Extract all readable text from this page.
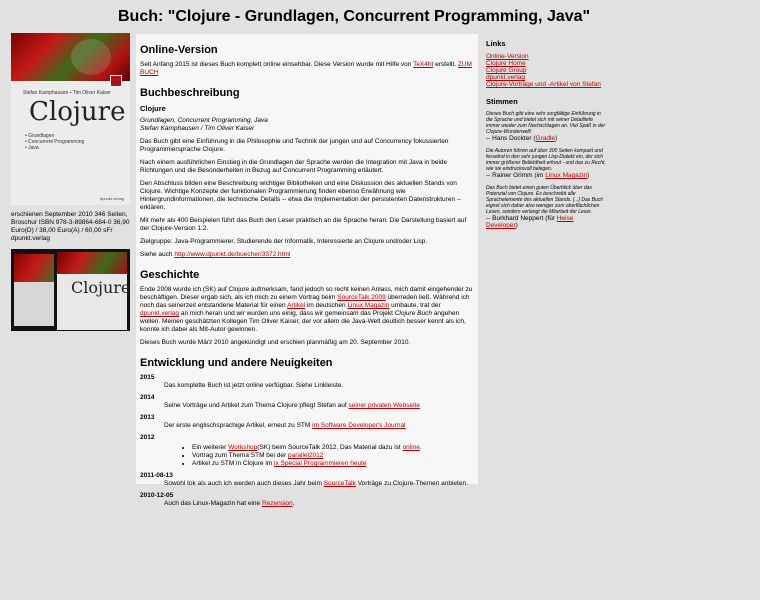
Buch: "Clojure - Grundlagen, Concurrent Programming, Java"
Stefan Kamphausen • Tim Oliver Kaiser
Clojure
• Grundlagen
• Concurrent Programming
• Java
dpunkt.verlag
erschienen September 2010 346 Seiten, Broschur ISBN 978-3-89864-684-0 36,90 Euro(D) / 38,00 Euro(A) / 60,00 sFr dpunkt.verlag
Clojure
Online-Version

Seit Anfang 2015 ist dieses Buch komplett online einsehbar. Diese Version wurde mit Hilfe von TeX4ht erstellt. ZUM BUCH

Buchbeschreibung
Clojure

Grundlagen, Concurrent Programming, Java
Stefan Kamphausen / Tim Oliver Kaiser

Das Buch gibt eine Einführung in die Philosophie und Technik der jungen und auf Concurrency fokussierten Programmiersprache Clojure.

Nach einem ausführlichen Einstieg in die Grundlagen der Sprache werden die Integration mit Java in beide Richtungen und die Besonderheiten in Bezug auf Concurrent Programming erläutert.

Den Abschluss bilden eine Beschreibung wichtiger Bibliotheken und eine Diskussion des aktuellen Stands von Clojure. Wichtige Konzepte der funktionalen Programmierung finden ebenso Erwähnung wie Hintergrundinformationen, die technische Details -- etwa die Implementation der persistenten Datenstrukturen -- erklären.

Mit mehr als 400 Beispielen führt das Buch den Leser praktisch an die Sprache heran. Die Darstellung basiert auf der Clojure-Version 1.2.

Zielgruppe: Java-Programmierer, Studierende der Informatik, Interessierte an Clojure und/oder Lisp.

Siehe auch http://www.dpunkt.de/buecher/3372.html

Geschichte

Ende 2008 wurde ich (SK) auf Clojure aufmerksam, fand jedoch so recht keinen Anlass, mich damit eingehender zu beschäftigen. Dieser ergab sich, als ich mich zu einem Vortrag beim SourceTalk 2009 überreden ließ. Während ich noch das seinerzeit entstandene Material für einen Artikel im deutschen Linux Magazin umbaute, trat der dpunkt.verlag an mich heran und wir wurden uns einig, dass wir gemeinsam das Projekt Clojure Buch angehen wollen. Meinen geschätzten Kollegen Tim Oliver Kaiser, der vor allem die Java-Welt deutlich besser kennt als ich, konnte ich dabei als Mit-Autor gewinnen.

Dieses Buch wurde März 2010 angekündigt und erschien planmäßig am 20. September 2010.

Entwicklung und andere Neuigkeiten
2015
Das komplette Buch ist jetzt online verfügbar. Siehe Linkleiste.
2014
Seine Vorträge und Artikel zum Thema Clojure pflegt Stefan auf seiner privaten Webseite
2013
Der erste englischsprachige Artikel, erneut zu STM im Software Developer's Journal
2012
• Ein weiterer Workshop(SK) beim SourceTalk 2012. Das Material dazu ist online.
• Vortrag zum Thema STM bei der parallel2012
• Artikel zu STM in Clojure im ix Special Programmieren heute
2011-08-13
Sowohl tok als auch ich werden auch dieses Jahr beim SourceTalk Vorträge zu Clojure-Themen anbieten.
2010-12-05
Auch das Linux-Magazin hat eine Rezension.
Links
Online-Version
Clojure Home
Clojure Group
dpunkt.verlag
Clojure-Vorträge und -Artikel von Stefan
Stimmen
Dieses Buch gibt eine sehr sorgfältige Einführung in die Sprache und bietet sich mit seiner Detailtiefe immer wieder zum Nachschlagen an. Viel Spaß in der Clojure-Wunderwelt!
-- Hans Dockter (Gradle)
Die Autoren führen auf über 300 Seiten kompakt und fesselnd in den sehr jungen Lisp-Dialekt ein, der sich immer größerer Beliebtheit erfreut - und das zu Recht, wie sie eindrucksvoll belegen.
-- Rainer Grimm (im Linux Magazin)
Das Buch bietet einen guten Überblick über das Potenzial von Clojure. Es beschreibt alle Sprachelemente des aktuellen Stands. [...] Das Buch eignet sich daher also weniger zum oberflächlichen Lesen, sondern verlangt die Mitarbeit der Leser.
-- Burkhard Neppert (für Heise Developer)
